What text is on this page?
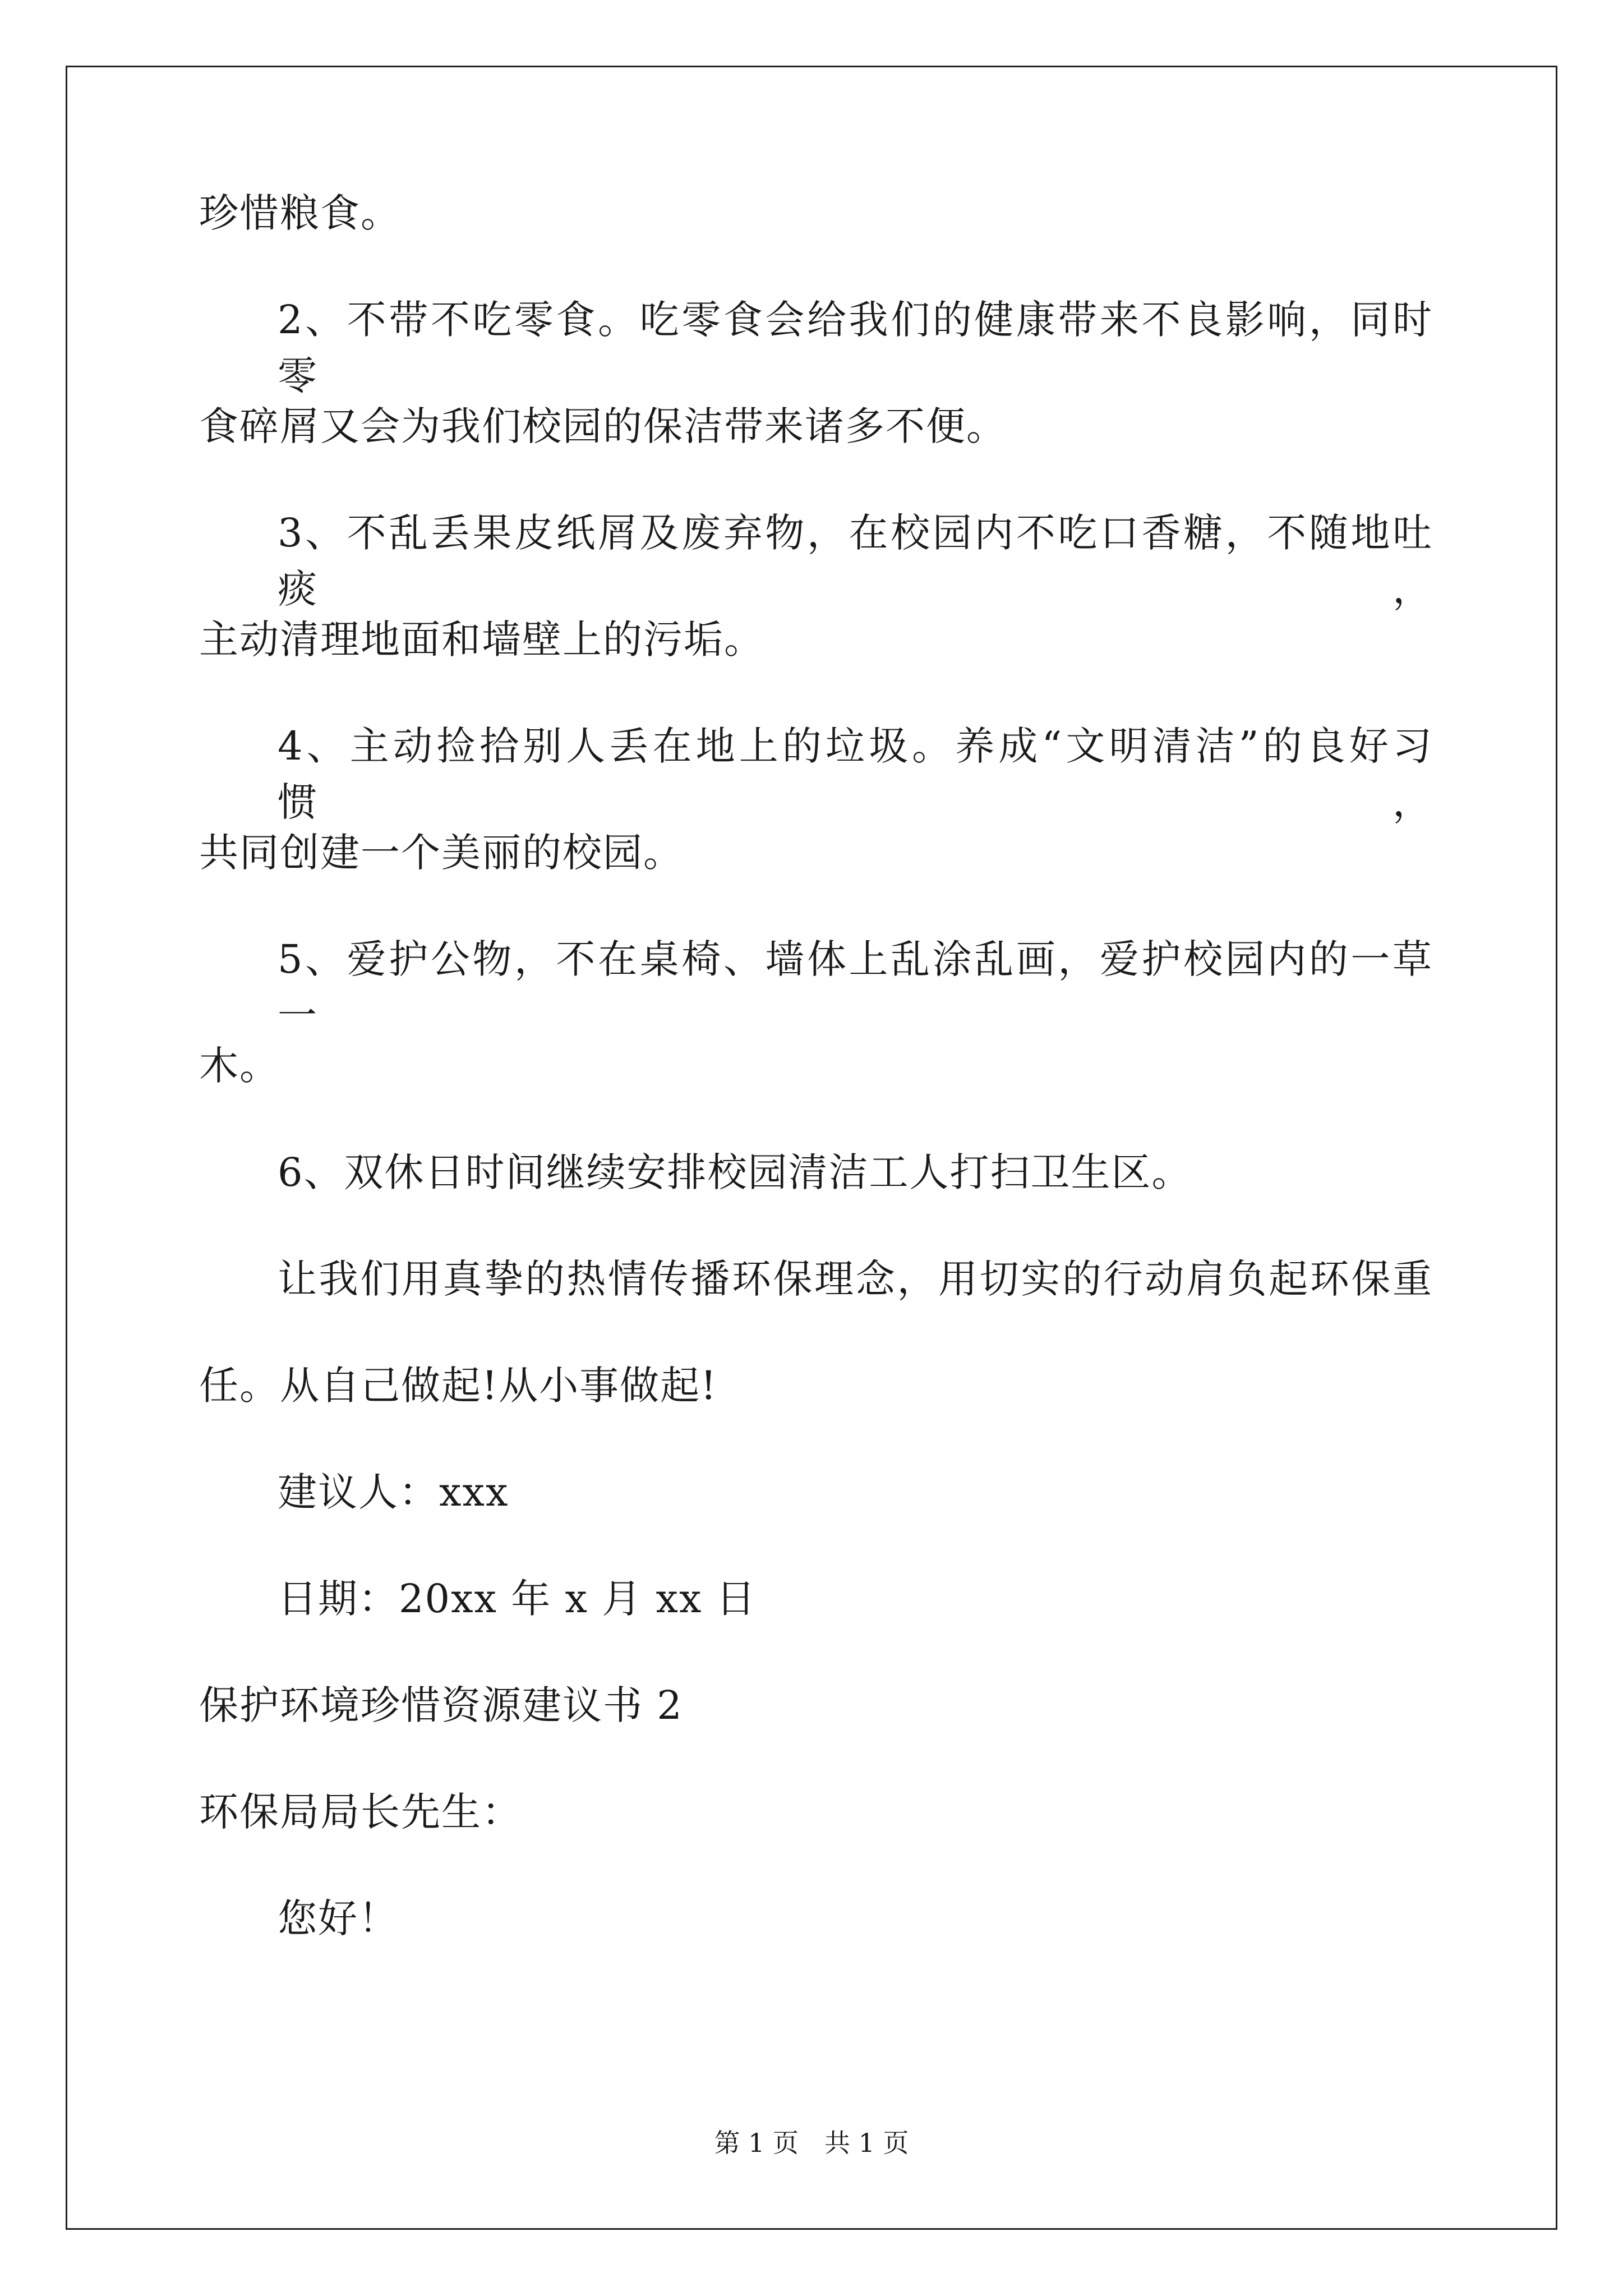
珍惜粮食。
2、不带不吃零食。吃零食会给我们的健康带来不良影响，同时零
食碎屑又会为我们校园的保洁带来诸多不便。
3、不乱丢果皮纸屑及废弃物，在校园内不吃口香糖，不随地吐痰，
主动清理地面和墙壁上的污垢。
4、主动捡拾别人丢在地上的垃圾。养成“文明清洁”的良好习惯，
共同创建一个美丽的校园。
5、爱护公物，不在桌椅、墙体上乱涂乱画，爱护校园内的一草一
木。
6、双休日时间继续安排校园清洁工人打扫卫生区。
让我们用真挚的热情传播环保理念，用切实的行动肩负起环保重
任。从自己做起!从小事做起!
建议人：xxx
日期：20xx 年 x 月 xx 日
保护环境珍惜资源建议书 2
环保局局长先生：
您好！
第 1 页　共 1 页
